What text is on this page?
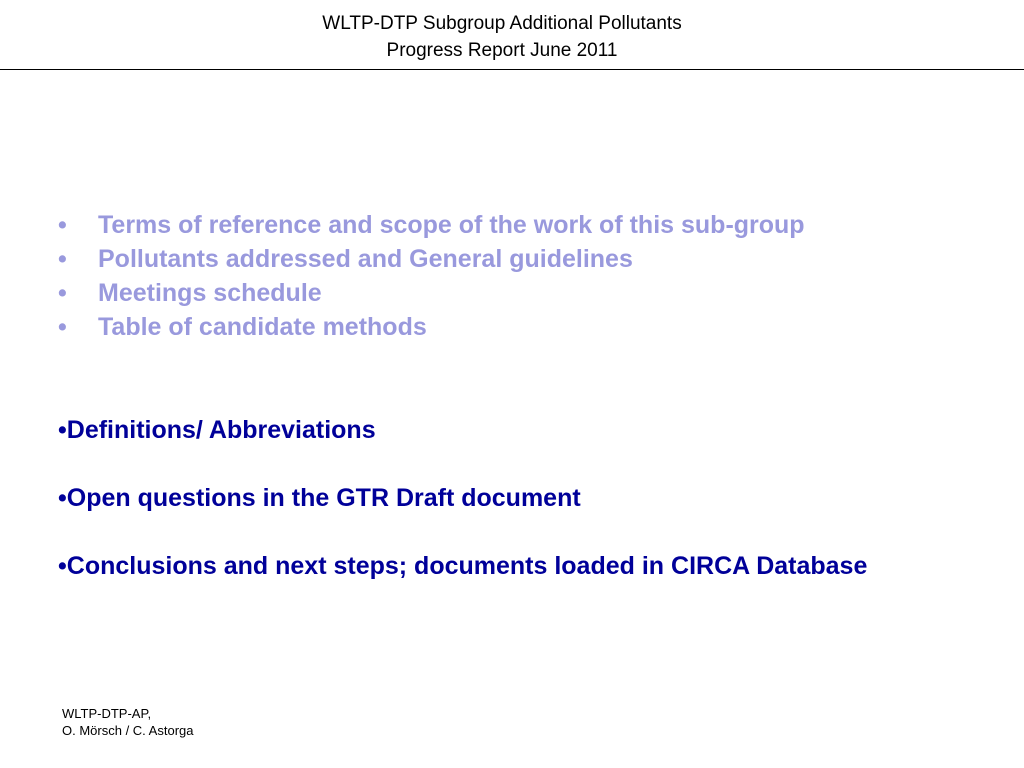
WLTP-DTP Subgroup Additional Pollutants
Progress Report June 2011
• Terms of reference and scope of the work of this sub-group
• Pollutants addressed and General guidelines
• Meetings schedule
• Table of candidate methods
•Definitions/ Abbreviations
•Open questions in the GTR Draft document
•Conclusions and next steps; documents loaded in CIRCA Database
WLTP-DTP-AP,
O. Mörsch / C. Astorga
